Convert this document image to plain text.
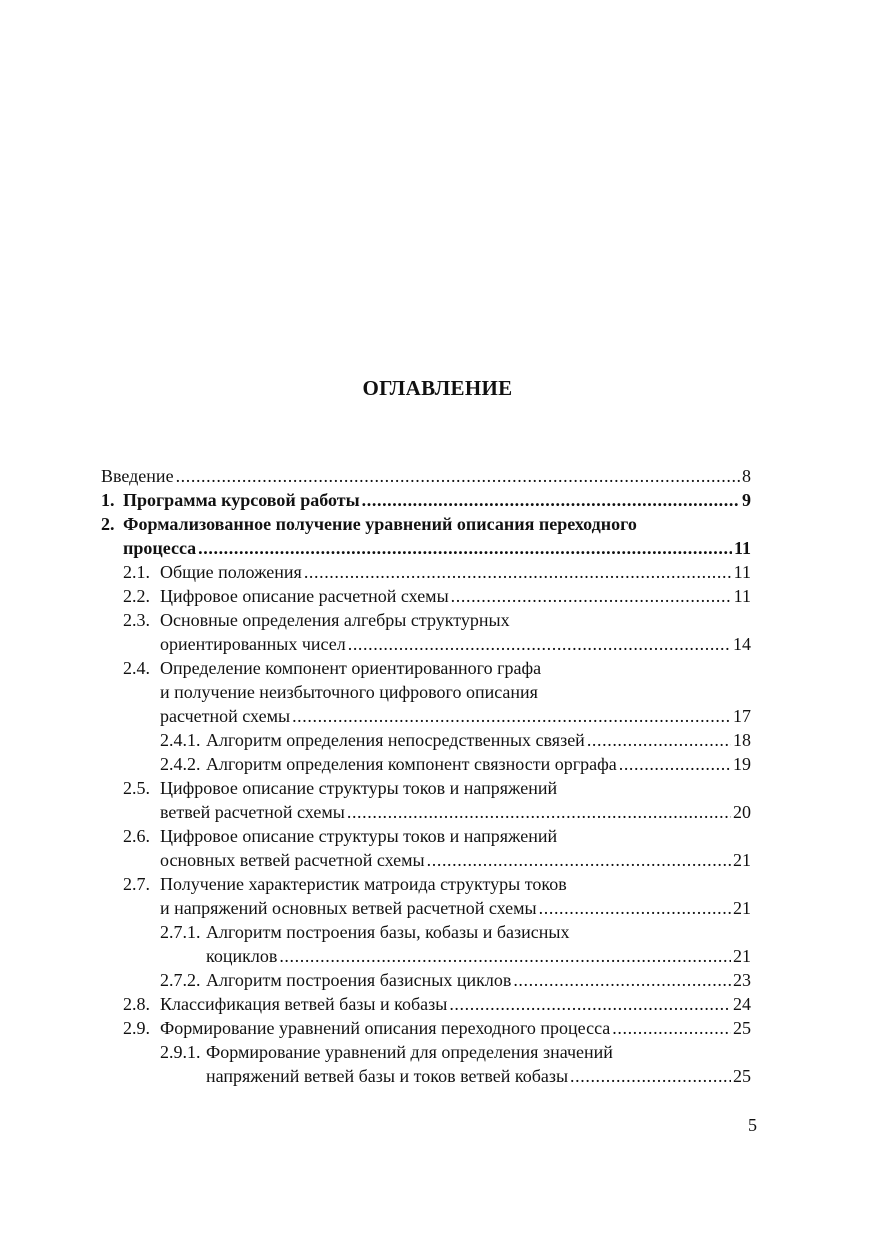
ОГЛАВЛЕНИЕ
Введение .....	8
1. Программа курсовой работы .....	9
2. Формализованное получение уравнений описания переходного
процесса .....	11
2.1. Общие положения .....	11
2.2. Цифровое описание расчетной схемы .....	11
2.3. Основные определения алгебры структурных
ориентированных чисел .....	14
2.4. Определение компонент ориентированного графа
и получение неизбыточного цифрового описания
расчетной схемы .....	17
2.4.1. Алгоритм определения непосредственных связей .....	18
2.4.2. Алгоритм определения компонент связности орграфа .....	19
2.5. Цифровое описание структуры токов и напряжений
ветвей расчетной схемы .....	20
2.6. Цифровое описание структуры токов и напряжений
основных ветвей расчетной схемы .....	21
2.7. Получение характеристик матроида структуры токов
и напряжений основных ветвей расчетной схемы .....	21
2.7.1. Алгоритм построения базы, кобазы и базисных
коциклов .....	21
2.7.2. Алгоритм построения базисных циклов .....	23
2.8. Классификация ветвей базы и кобазы .....	24
2.9. Формирование уравнений описания переходного процесса .....	25
2.9.1. Формирование уравнений для определения значений
напряжений ветвей базы и токов ветвей кобазы .....	25
5
